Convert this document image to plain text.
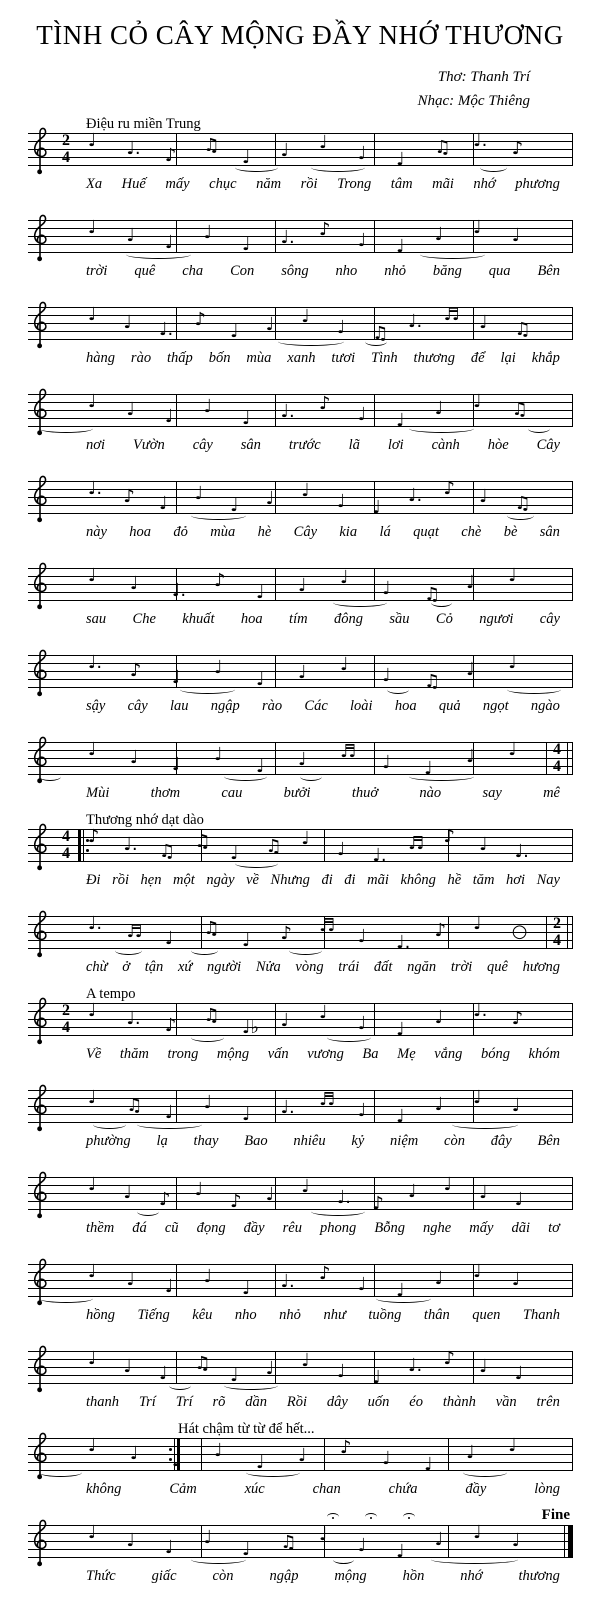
TÌNH CỎ CÂY MỘNG ĐẦY NHỚ THƯƠNG
Thơ: Thanh Trí
Nhạc: Mộc Thiêng
Điệu ru miền Trung
2
4
♩ ♩. ♪ ♫
♩ ♩ ♩
♩ ♩
♫ ♩. ♪
Xa Huế mấy chục năm rồi Trong tâm mãi nhớ phương
♩ ♩ ♩ ♩
♩ ♩. ♪
♩ ♩
♩ ♩ ♩
trời quê cha Con sông nho nhỏ băng qua Bên
♩ ♩ ♩. ♪
♩ ♩ ♩
♩ ♫
♩. ♬ ♩ ♫
hàng rào thấp bốn mùa xanh tươi Tình thương để lại khắp
♩ ♩ ♩ ♩
♩ ♩. ♪
♩ ♩
♩ ♩ ♫
nơi Vườn cây sân trước lã lơi cành hòe Cây
♩. ♪ ♩ ♩
♩ ♩ ♩
♩ ♩
♩. ♪ ♩ ♫
này hoa đỏ mùa hè Cây kia lá quạt chè bè sân
♩ ♩ ♩. ♪
♩ ♩ ♩
♩ ♫
♩ ♩
sau Che khuất hoa tím đông sầu Cỏ ngươi cây
♩. ♪ ♩ ♩
♩ ♩ ♩
♩ ♫
♩ ♩
sậy cây lau ngập rào Các loài hoa quả ngọt ngào
♩ ♩ ♩ ♩
♩ ♩ ♬
♩ ♩
♩ ♩ 4
4
Mùi	thơm	cau	bưởi	thuở	nào	say	mê
Thương nhớ dạt dào
4
4
♪ ♩. ♫ ♫
♩ ♫ ♩
♩ ♩.
♬ ♪ ♩ ♩.
Đi rồi hẹn một ngày về Nhưng đi đi mãi không hề tăm hơi Nay
♩. ♬ ♩ ♫
♩ ♪ ♬
♩ ♩.
♪ ♩ ○ 2
4
chừ ở tận xứ người Nửa vòng trái đất ngăn trời quê hương
A tempo
2
4
♩ ♩. ♪ ♫
♩♭ ♩ ♩
♩ ♩
♩ ♩. ♪
Về thăm trong mộng vấn vương Ba Mẹ vắng bóng khóm
♩ ♫ ♩ ♩
♩ ♩. ♬
♩ ♩
♩ ♩ ♩
phường lạ thay Bao nhiêu kỷ niệm còn đây Bên
♩ ♩ ♪ ♩
♪ ♩ ♩
♩. ♪
♩ ♩ ♩ ♩
thềm đá cũ đọng đầy rêu phong Bỗng nghe mấy dãi tơ
♩ ♩ ♩ ♩
♩ ♩. ♪
♩ ♩
♩ ♩ ♩
hồng Tiếng kêu nho nhỏ như tuồng thân quen Thanh
♩ ♩ ♩ ♫
♩ ♩ ♩
♩ ♩
♩. ♪ ♩ ♩
thanh Trí Trí rõ dần Rồi dây uốn éo thành vần trên
Hát chậm từ từ để hết...
♩ ♩ ♩ ♩
♩ ♩ ♪
♩ ♩
♩ ♩
không	Cảm	xúc	chan	chứa	đầy	lòng
♩ ♩ ♩ ♩
♩ ♫ ♩
♩ ♩
♩ ♩ ♩
Fine
Thức giấc còn ngập mộng hồn nhớ thương
